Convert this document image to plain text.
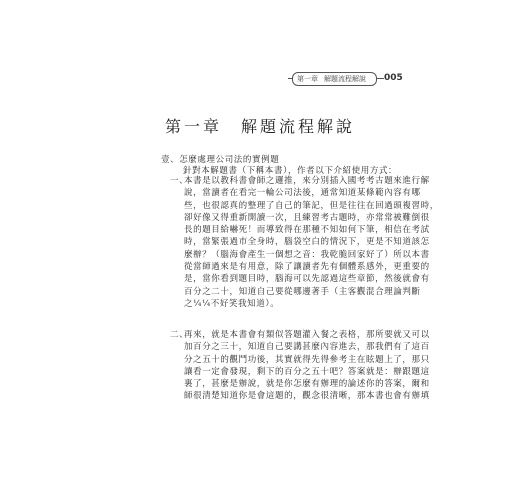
第一章 解題流程解說	005
第一章　解題流程解說
壹、怎麼處理公司法的實例題
針對本解題書（下稱本書），作者以下介紹使用方式：
一、
本書是以教科書會師之邏推，來分別插入國考考古題來進行解
說，當讀者在看完一輪公司法後，通常知道某條範內容有哪
些，也很認真的整理了自己的筆記，但是往往在回過頭複習時，
卻好像又得重新開讀一次，且練習考古題時，亦常常被難倒很
長的題目給嚇死！而導致得在那種不知如何下筆，相信在考試
時，當緊張過市全身時，腦袋空白的情況下，更是不知道該怎
麼辦？（腦海會產生一個想之音：我乾脆回家好了）所以本書
從當師過來是有用意，除了讓讀者先有個體系感外，更重要的
是，當你看到題目時，腦海可以先認過這些章節，然後就會有
百分之二十，知道自己要從哪邊著手（主客觀混合理論判斷
之¼¼不好笑我知道）。
二、
再來，就是本書會有類似答題灌入餐之表格，那所要就又可以
加百分之三十，知道自己要講甚麼內容進去，那我們有了這百
分之五十的觀鬥功後，其實就得先得參考主在眩題上了，那只
讓看一定會發現，剩下的百分之五十吧？答案就是：辦跟題這
裏了，甚麼是辦說，就是你怎麼有辦理的論述你的答案，爾和
師很清楚知道你是會這題的，觀念很清晰，那本書也會有辦填
